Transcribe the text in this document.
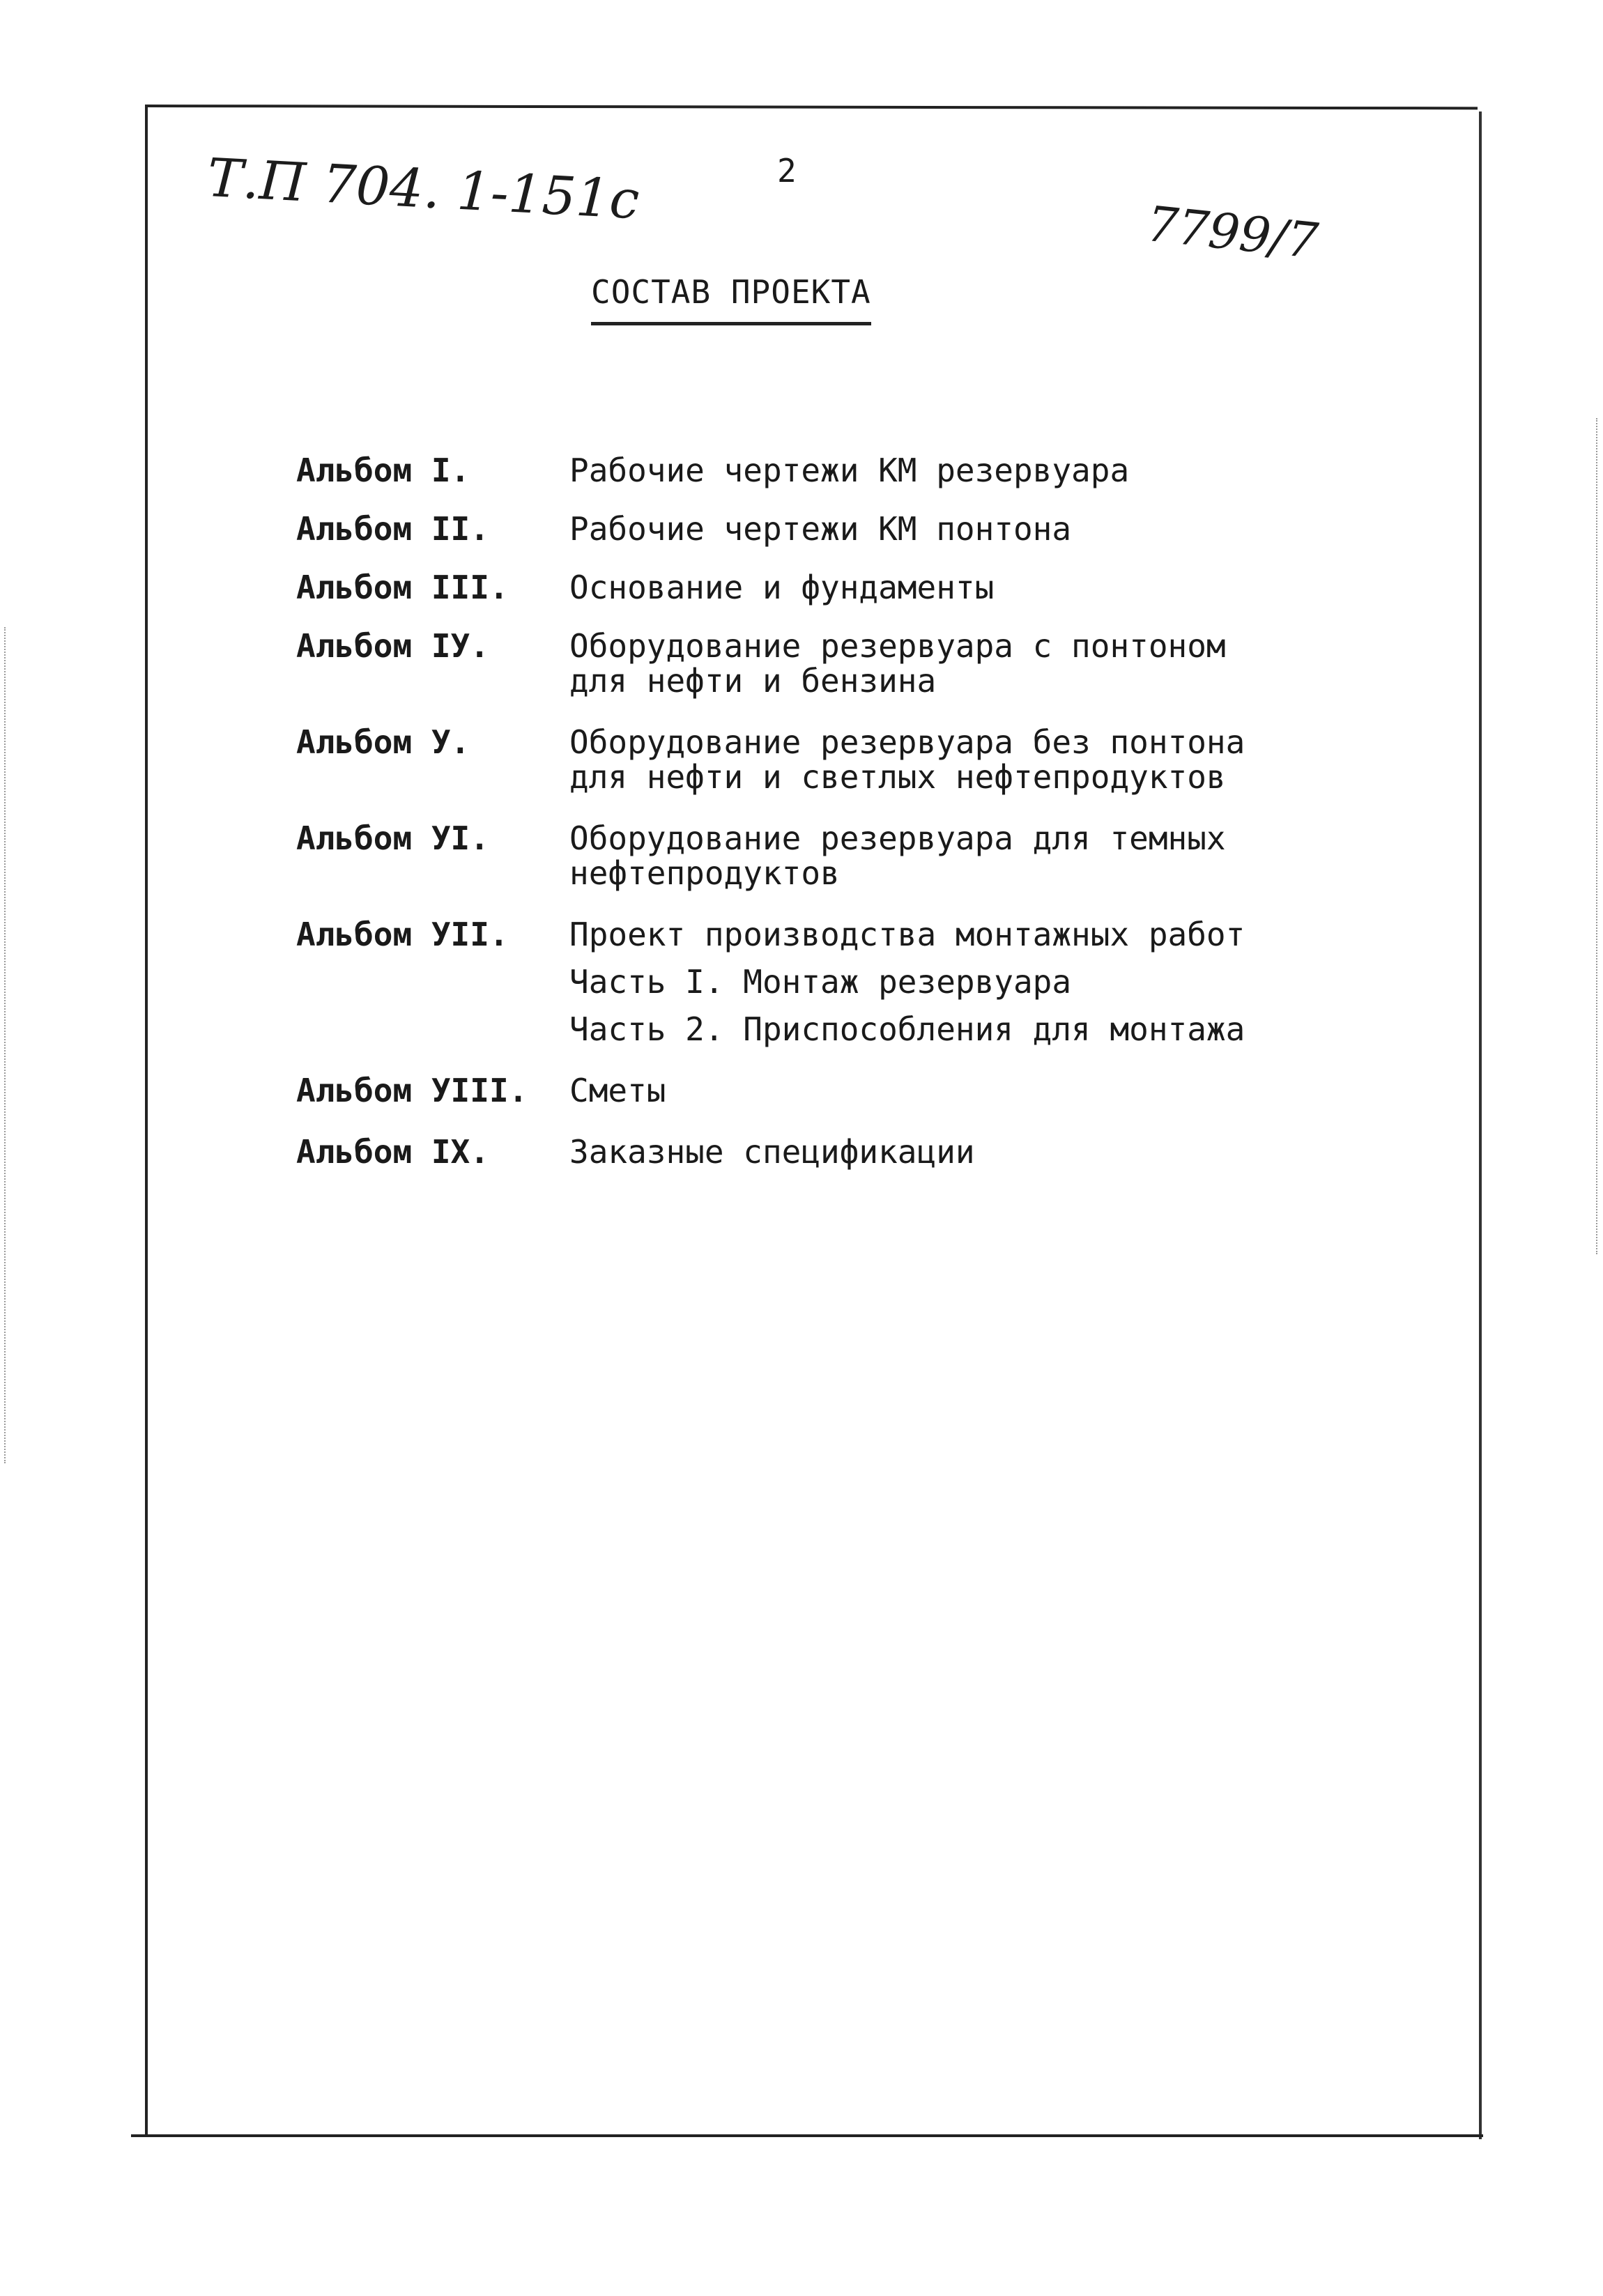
Т.П 704. 1-151с	2
7799/7
СОСТАВ ПРОЕКТА
Альбом I.	Рабочие чертежи КМ резервуара
Альбом II.	Рабочие чертежи КМ понтона
Альбом III.	Основание и фундаменты
Альбом IУ.	Оборудование резервуара с понтоном
для нефти и бензина
Альбом У.	Оборудование резервуара без понтона
для нефти и светлых нефтепродуктов
Альбом УI.	Оборудование резервуара для темных
нефтепродуктов
Альбом УII.	Проект производства монтажных работ
Часть I. Монтаж резервуара
Часть 2. Приспособления для монтажа
Альбом УIII.	Сметы
Альбом IX.	Заказные спецификации
